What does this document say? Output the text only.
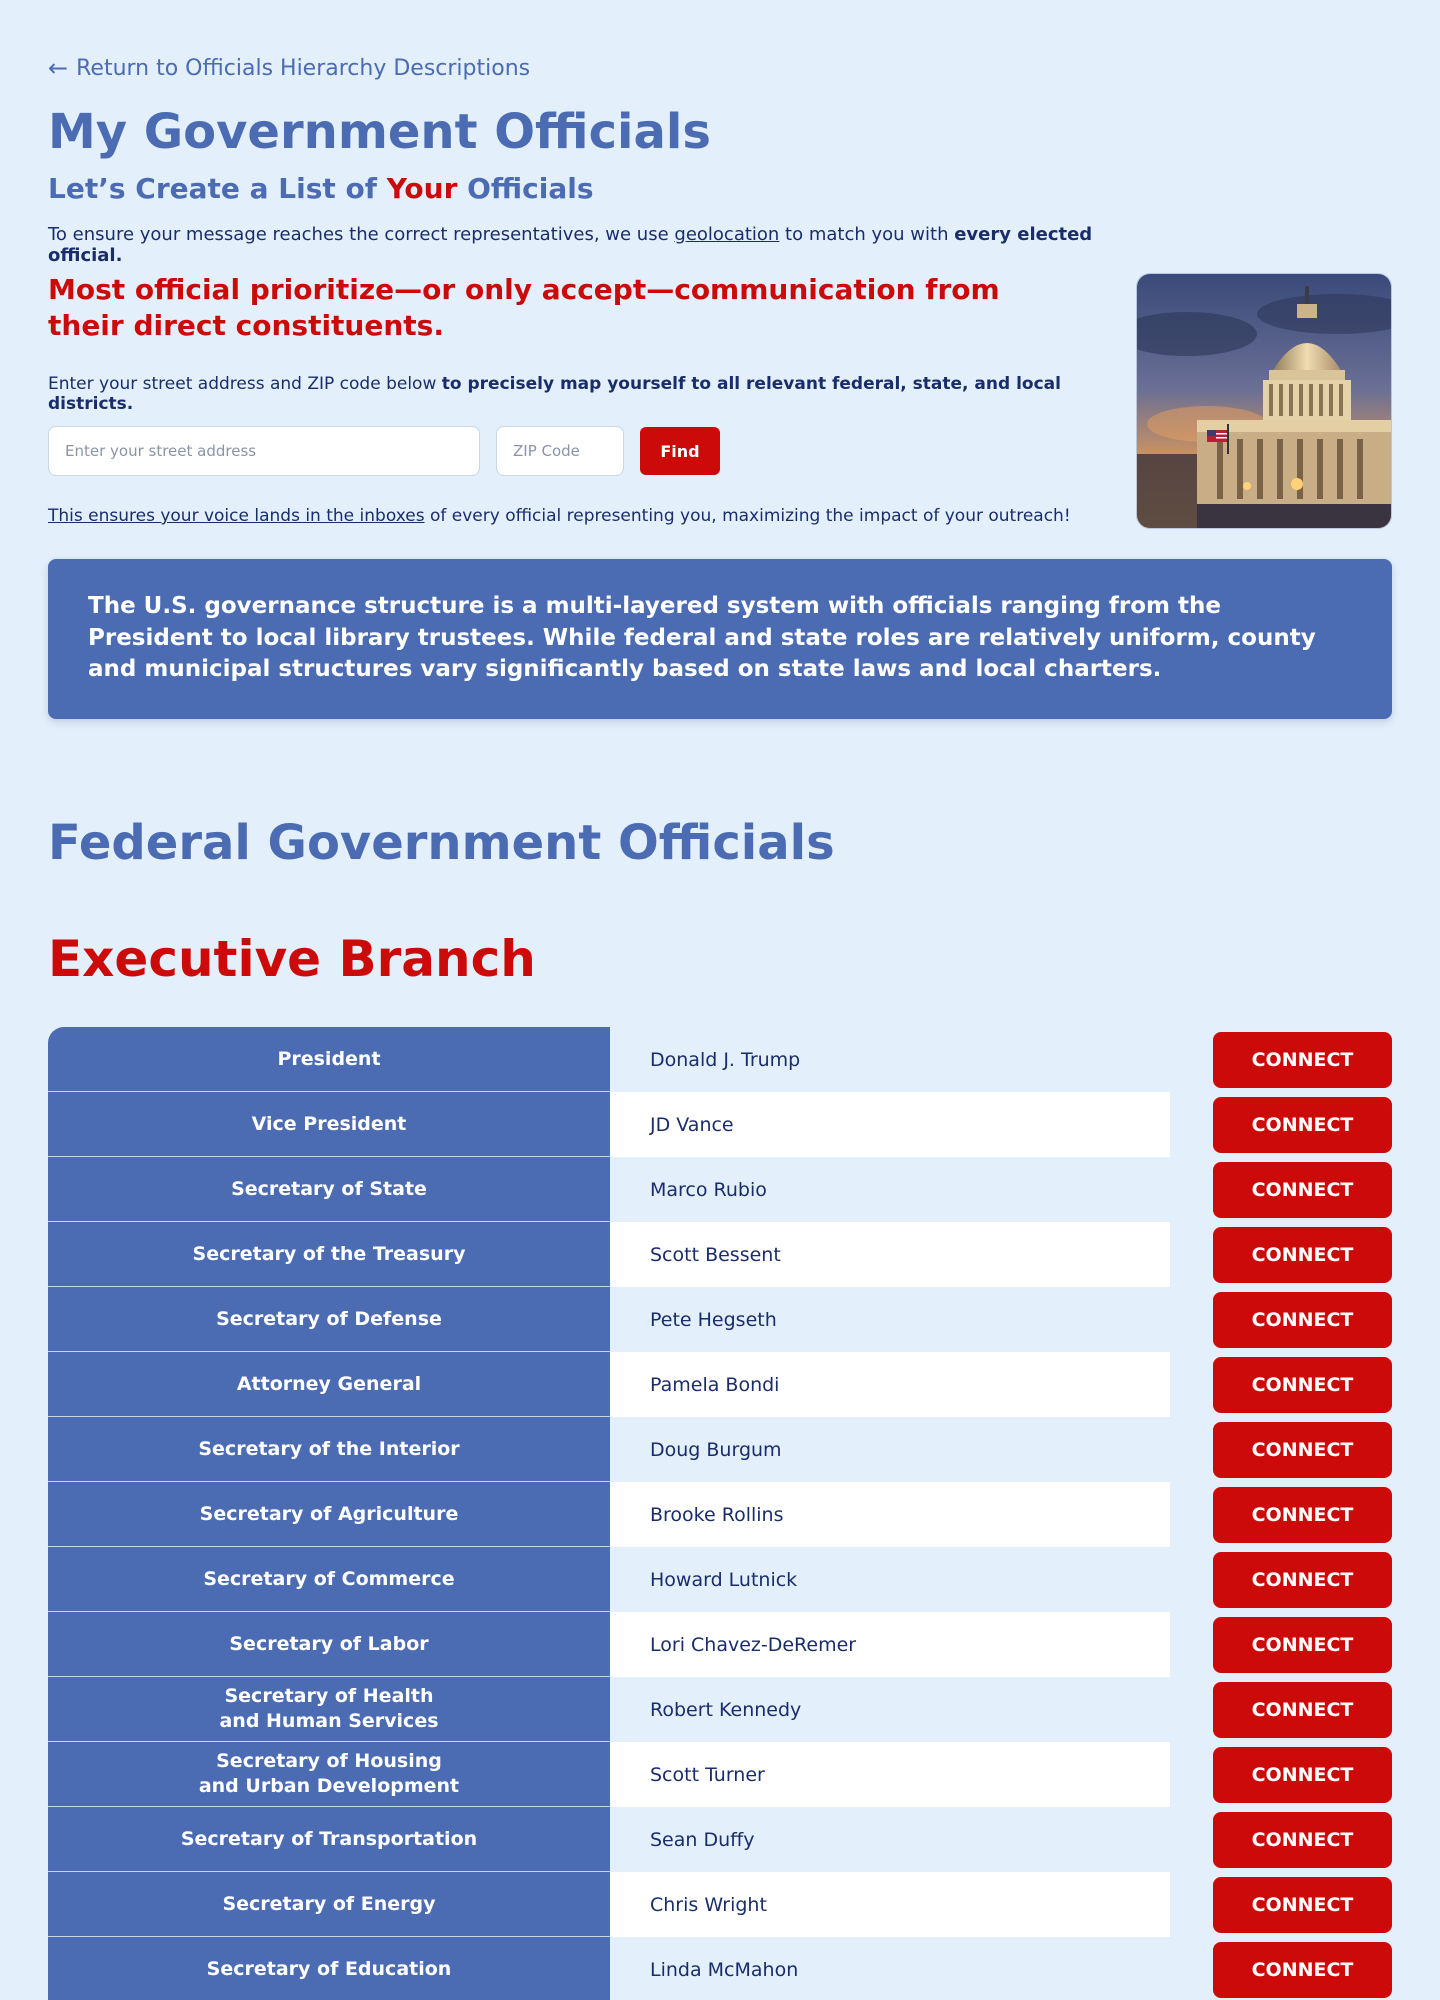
← Return to Officials Hierarchy Descriptions
My Government Officials
Let’s Create a List of Your Officials

To ensure your message reaches the correct representatives, we use geolocation to match you with every elected official.

Most official prioritize—or only accept—communication from their direct constituents.

Enter your street address and ZIP code below to precisely map yourself to all relevant federal, state, and local districts.

Enter your street address
ZIP Code
Find

This ensures your voice lands in the inboxes of every official representing you, maximizing the impact of your outreach!

The U.S. governance structure is a multi-layered system with officials ranging from the President to local library trustees. While federal and state roles are relatively uniform, county and municipal structures vary significantly based on state laws and local charters.
Federal Government Officials
Executive Branch
President	Donald J. Trump	CONNECT
Vice President	JD Vance	CONNECT
Secretary of State	Marco Rubio	CONNECT
Secretary of the Treasury	Scott Bessent	CONNECT
Secretary of Defense	Pete Hegseth	CONNECT
Attorney General	Pamela Bondi	CONNECT
Secretary of the Interior	Doug Burgum	CONNECT
Secretary of Agriculture	Brooke Rollins	CONNECT
Secretary of Commerce	Howard Lutnick	CONNECT
Secretary of Labor	Lori Chavez-DeRemer	CONNECT
Secretary of Health
and Human Services
Robert Kennedy	CONNECT
Secretary of Housing
and Urban Development
Scott Turner	CONNECT
Secretary of Transportation	Sean Duffy	CONNECT
Secretary of Energy	Chris Wright	CONNECT
Secretary of Education	Linda McMahon	CONNECT
